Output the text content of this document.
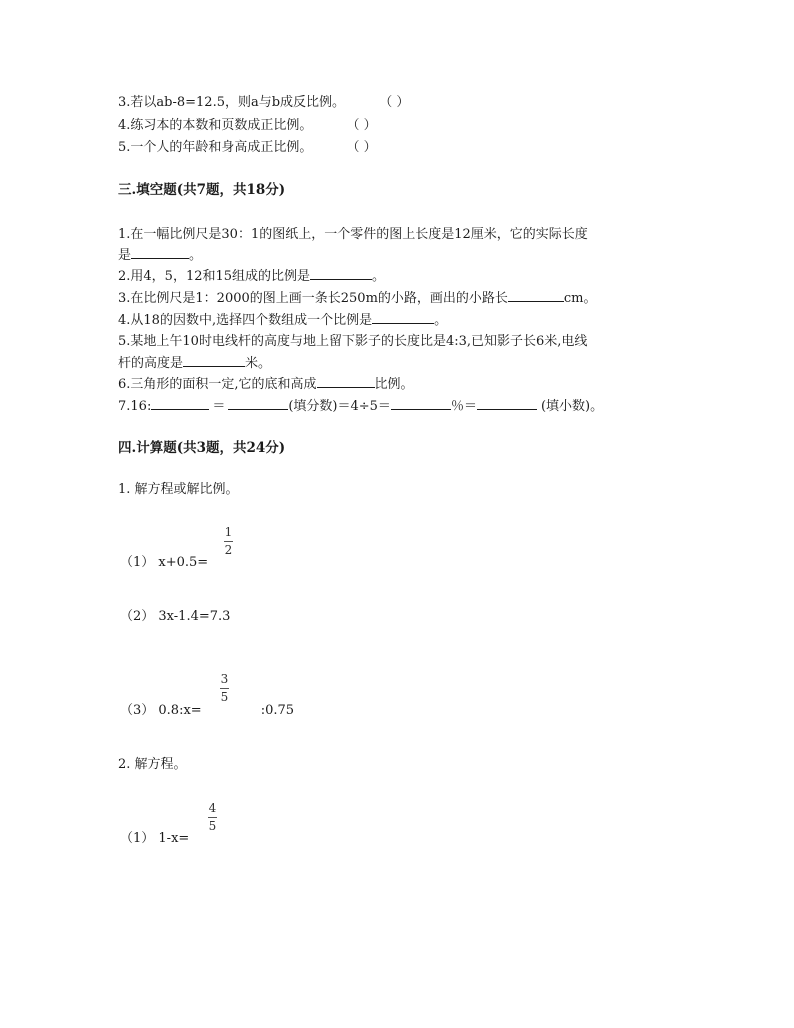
3.若以ab-8=12.5，则a与b成反比例。	（ ）
4.练习本的本数和页数成正比例。	（ ）
5.一个人的年龄和身高成正比例。	（ ）
三.填空题(共7题，共18分)
1.在一幅比例尺是30：1的图纸上，一个零件的图上长度是12厘米，它的实际长度
是	。
2.用4，5，12和15组成的比例是	。
3.在比例尺是1：2000的图上画一条长250m的小路，画出的小路长	cm。
4.从18的因数中,选择四个数组成一个比例是	。
5.某地上午10时电线杆的高度与地上留下影子的长度比是4:3,已知影子长6米,电线
杆的高度是	米。
6.三角形的面积一定,它的底和高成	比例。
7.16:	＝	(填分数)＝4÷5＝	％＝	(填小数)。
四.计算题(共3题，共24分)
1. 解方程或解比例。
（1） x+0.5=
1
2
（2） 3x-1.4=7.3
（3） 0.8:x=	:0.75
3
5
2. 解方程。
（1） 1-x=
4
5
